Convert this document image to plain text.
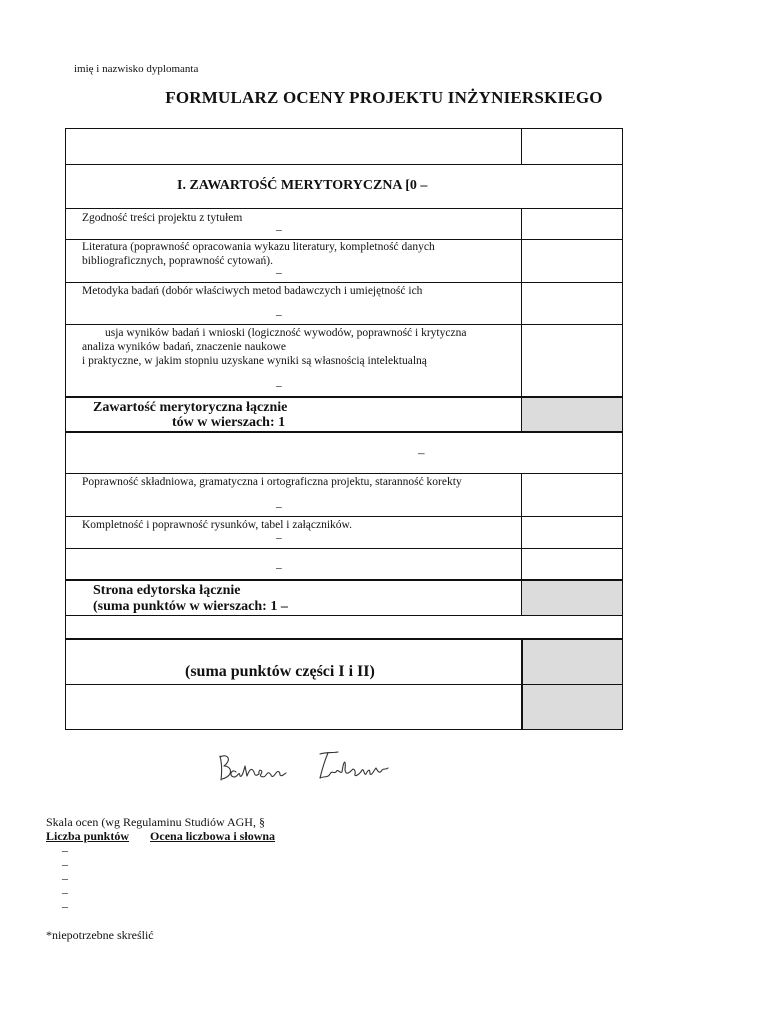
imię i nazwisko dyplomanta
FORMULARZ OCENY PROJEKTU INŻYNIERSKIEGO
I. ZAWARTOŚĆ MERYTORYCZNA [0 –
Zgodność treści projektu z tytułem
–
Literatura (poprawność opracowania wykazu literatury, kompletność danych
bibliograficznych, poprawność cytowań).
–
Metodyka badań (dobór właściwych metod badawczych i umiejętność ich
–
usja wyników badań i wnioski (logiczność wywodów, poprawność i krytyczna
analiza wyników badań, znaczenie naukowe
i praktyczne, w jakim stopniu uzyskane wyniki są własnością intelektualną
–
Zawartość merytoryczna łącznie
tów w wierszach: 1
–
Poprawność składniowa, gramatyczna i ortograficzna projektu, staranność korekty
–
Kompletność i poprawność rysunków, tabel i załączników.
–
–
Strona edytorska łącznie
(suma punktów w wierszach: 1 –
(suma punktów części I i II)
Skala ocen (wg Regulaminu Studiów AGH, §
Liczba punktów Ocena liczbowa i słowna
–
–
–
–
–
*niepotrzebne skreślić
